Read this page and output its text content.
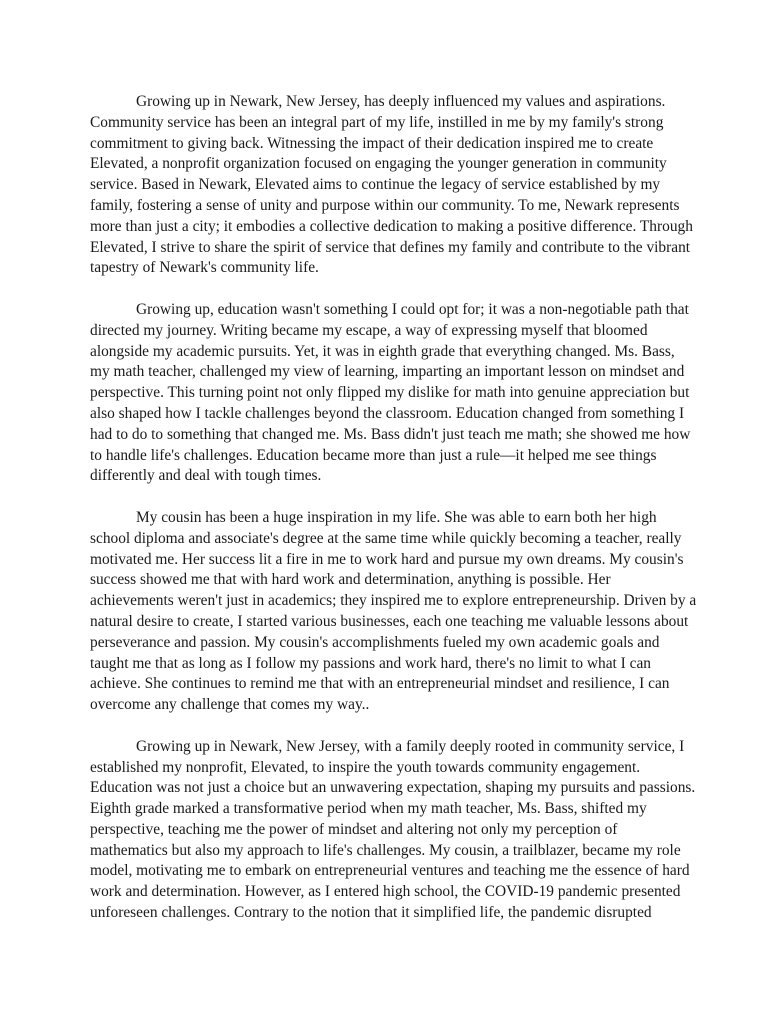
Growing up in Newark, New Jersey, has deeply influenced my values and aspirations. Community service has been an integral part of my life, instilled in me by my family's strong commitment to giving back. Witnessing the impact of their dedication inspired me to create Elevated, a nonprofit organization focused on engaging the younger generation in community service. Based in Newark, Elevated aims to continue the legacy of service established by my family, fostering a sense of unity and purpose within our community. To me, Newark represents more than just a city; it embodies a collective dedication to making a positive difference. Through Elevated, I strive to share the spirit of service that defines my family and contribute to the vibrant tapestry of Newark's community life.

Growing up, education wasn't something I could opt for; it was a non-negotiable path that directed my journey. Writing became my escape, a way of expressing myself that bloomed alongside my academic pursuits. Yet, it was in eighth grade that everything changed. Ms. Bass, my math teacher, challenged my view of learning, imparting an important lesson on mindset and perspective. This turning point not only flipped my dislike for math into genuine appreciation but also shaped how I tackle challenges beyond the classroom. Education changed from something I had to do to something that changed me. Ms. Bass didn't just teach me math; she showed me how to handle life's challenges. Education became more than just a rule—it helped me see things differently and deal with tough times.

My cousin has been a huge inspiration in my life. She was able to earn both her high school diploma and associate's degree at the same time while quickly becoming a teacher, really motivated me. Her success lit a fire in me to work hard and pursue my own dreams. My cousin's success showed me that with hard work and determination, anything is possible. Her achievements weren't just in academics; they inspired me to explore entrepreneurship. Driven by a natural desire to create, I started various businesses, each one teaching me valuable lessons about perseverance and passion. My cousin's accomplishments fueled my own academic goals and taught me that as long as I follow my passions and work hard, there's no limit to what I can achieve. She continues to remind me that with an entrepreneurial mindset and resilience, I can overcome any challenge that comes my way..

Growing up in Newark, New Jersey, with a family deeply rooted in community service, I established my nonprofit, Elevated, to inspire the youth towards community engagement. Education was not just a choice but an unwavering expectation, shaping my pursuits and passions. Eighth grade marked a transformative period when my math teacher, Ms. Bass, shifted my perspective, teaching me the power of mindset and altering not only my perception of mathematics but also my approach to life's challenges. My cousin, a trailblazer, became my role model, motivating me to embark on entrepreneurial ventures and teaching me the essence of hard work and determination. However, as I entered high school, the COVID-19 pandemic presented unforeseen challenges. Contrary to the notion that it simplified life, the pandemic disrupted
